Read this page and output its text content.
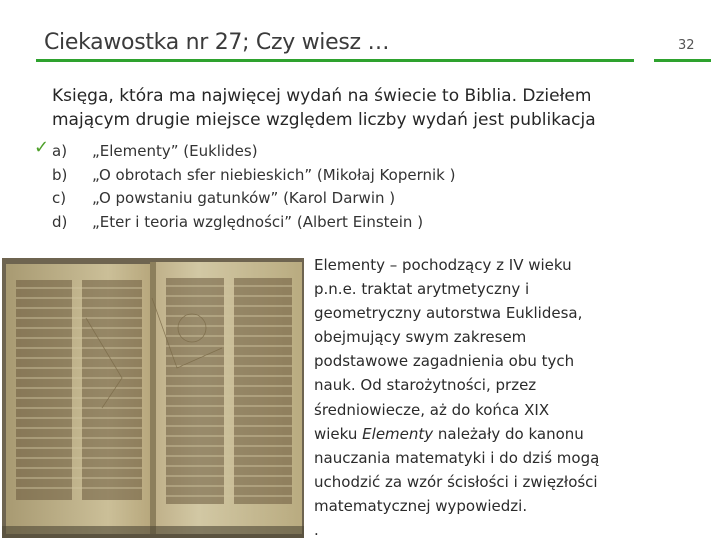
Ciekawostka nr 27; Czy wiesz …	32
Księga, która ma najwięcej wydań na świecie to Biblia. Dziełem mającym drugie miejsce względem liczby wydań jest publikacja
✓ a)	„Elementy” (Euklides)
b)	„O obrotach sfer niebieskich” (Mikołaj Kopernik )
c)	„O powstaniu gatunków” (Karol Darwin )
d)	„Eter i teoria względności” (Albert Einstein )
Elementy – pochodzący z IV wieku
p.n.e. traktat arytmetyczny i
geometryczny autorstwa Euklidesa,
obejmujący swym zakresem
podstawowe zagadnienia obu tych
nauk. Od starożytności, przez
średniowiecze, aż do końca XIX
wieku Elementy należały do kanonu
nauczania matematyki i do dziś mogą
uchodzić za wzór ścisłości i zwięzłości
matematycznej wypowiedzi.
.
